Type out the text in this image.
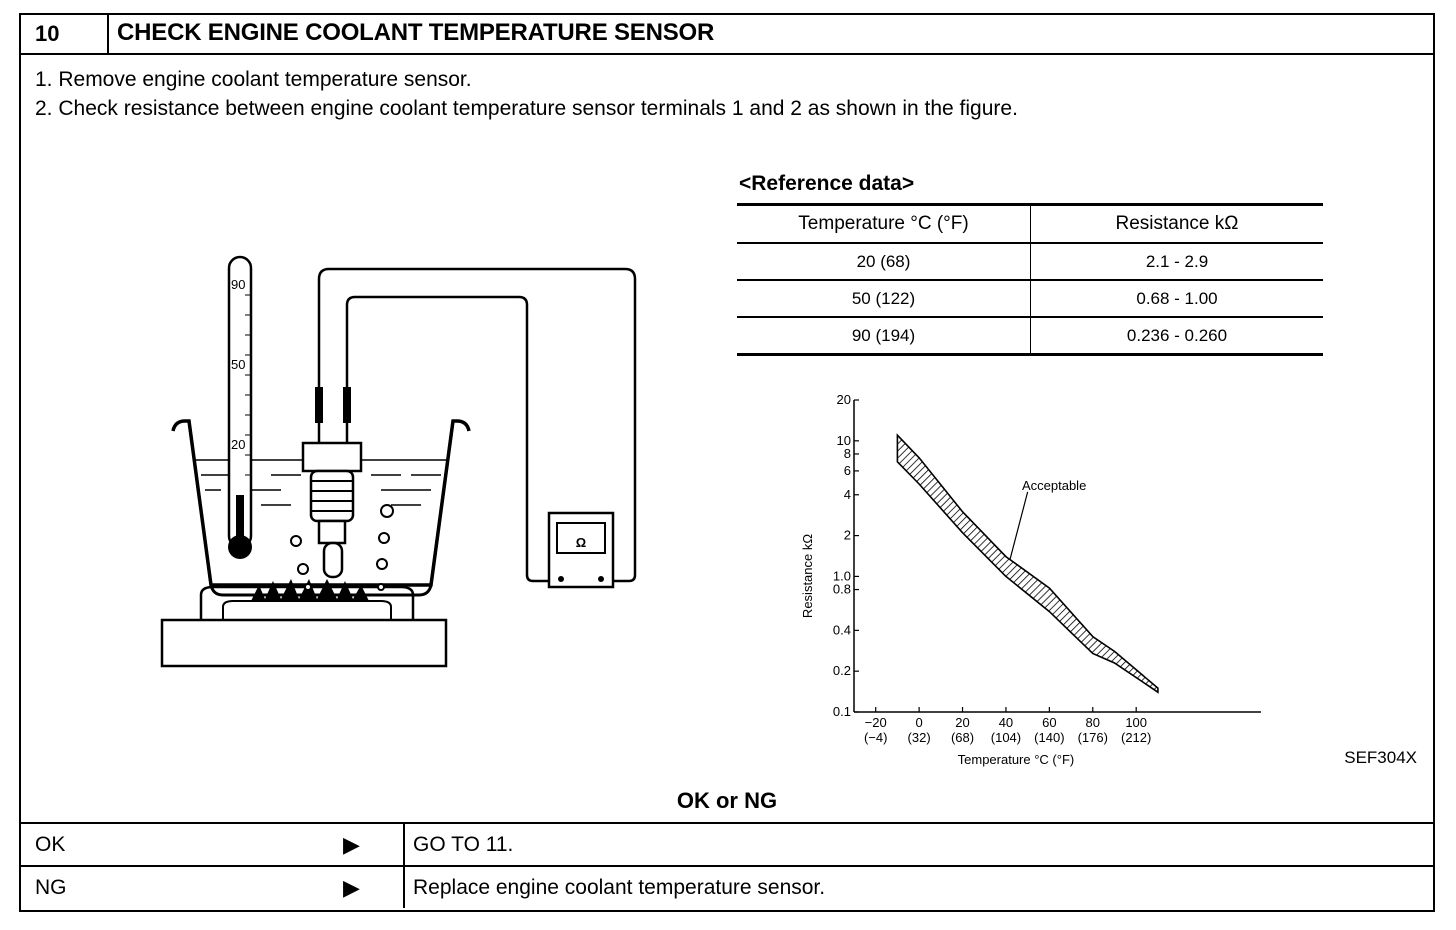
10	CHECK ENGINE COOLANT TEMPERATURE SENSOR
1. Remove engine coolant temperature sensor.
2. Check resistance between engine coolant temperature sensor terminals 1 and 2 as shown in the figure.
90
50
20
Ω
<Reference data>
Temperature °C (°F)	Resistance kΩ
20 (68)	2.1 - 2.9
50 (122)	0.68 - 1.00
90 (194)	0.236 - 0.260
20
10
8
6
4
2
1.0
0.8
0.4
0.2
0.1
−20
(−4)
0
(32)
20
(68)
40
(104)
60
(140)
80
(176)
100
(212)
Acceptable
Resistance kΩ
Temperature °C (°F)	SEF304X
OK or NG
OK	▶	GO TO 11.
NG	▶	Replace engine coolant temperature sensor.
